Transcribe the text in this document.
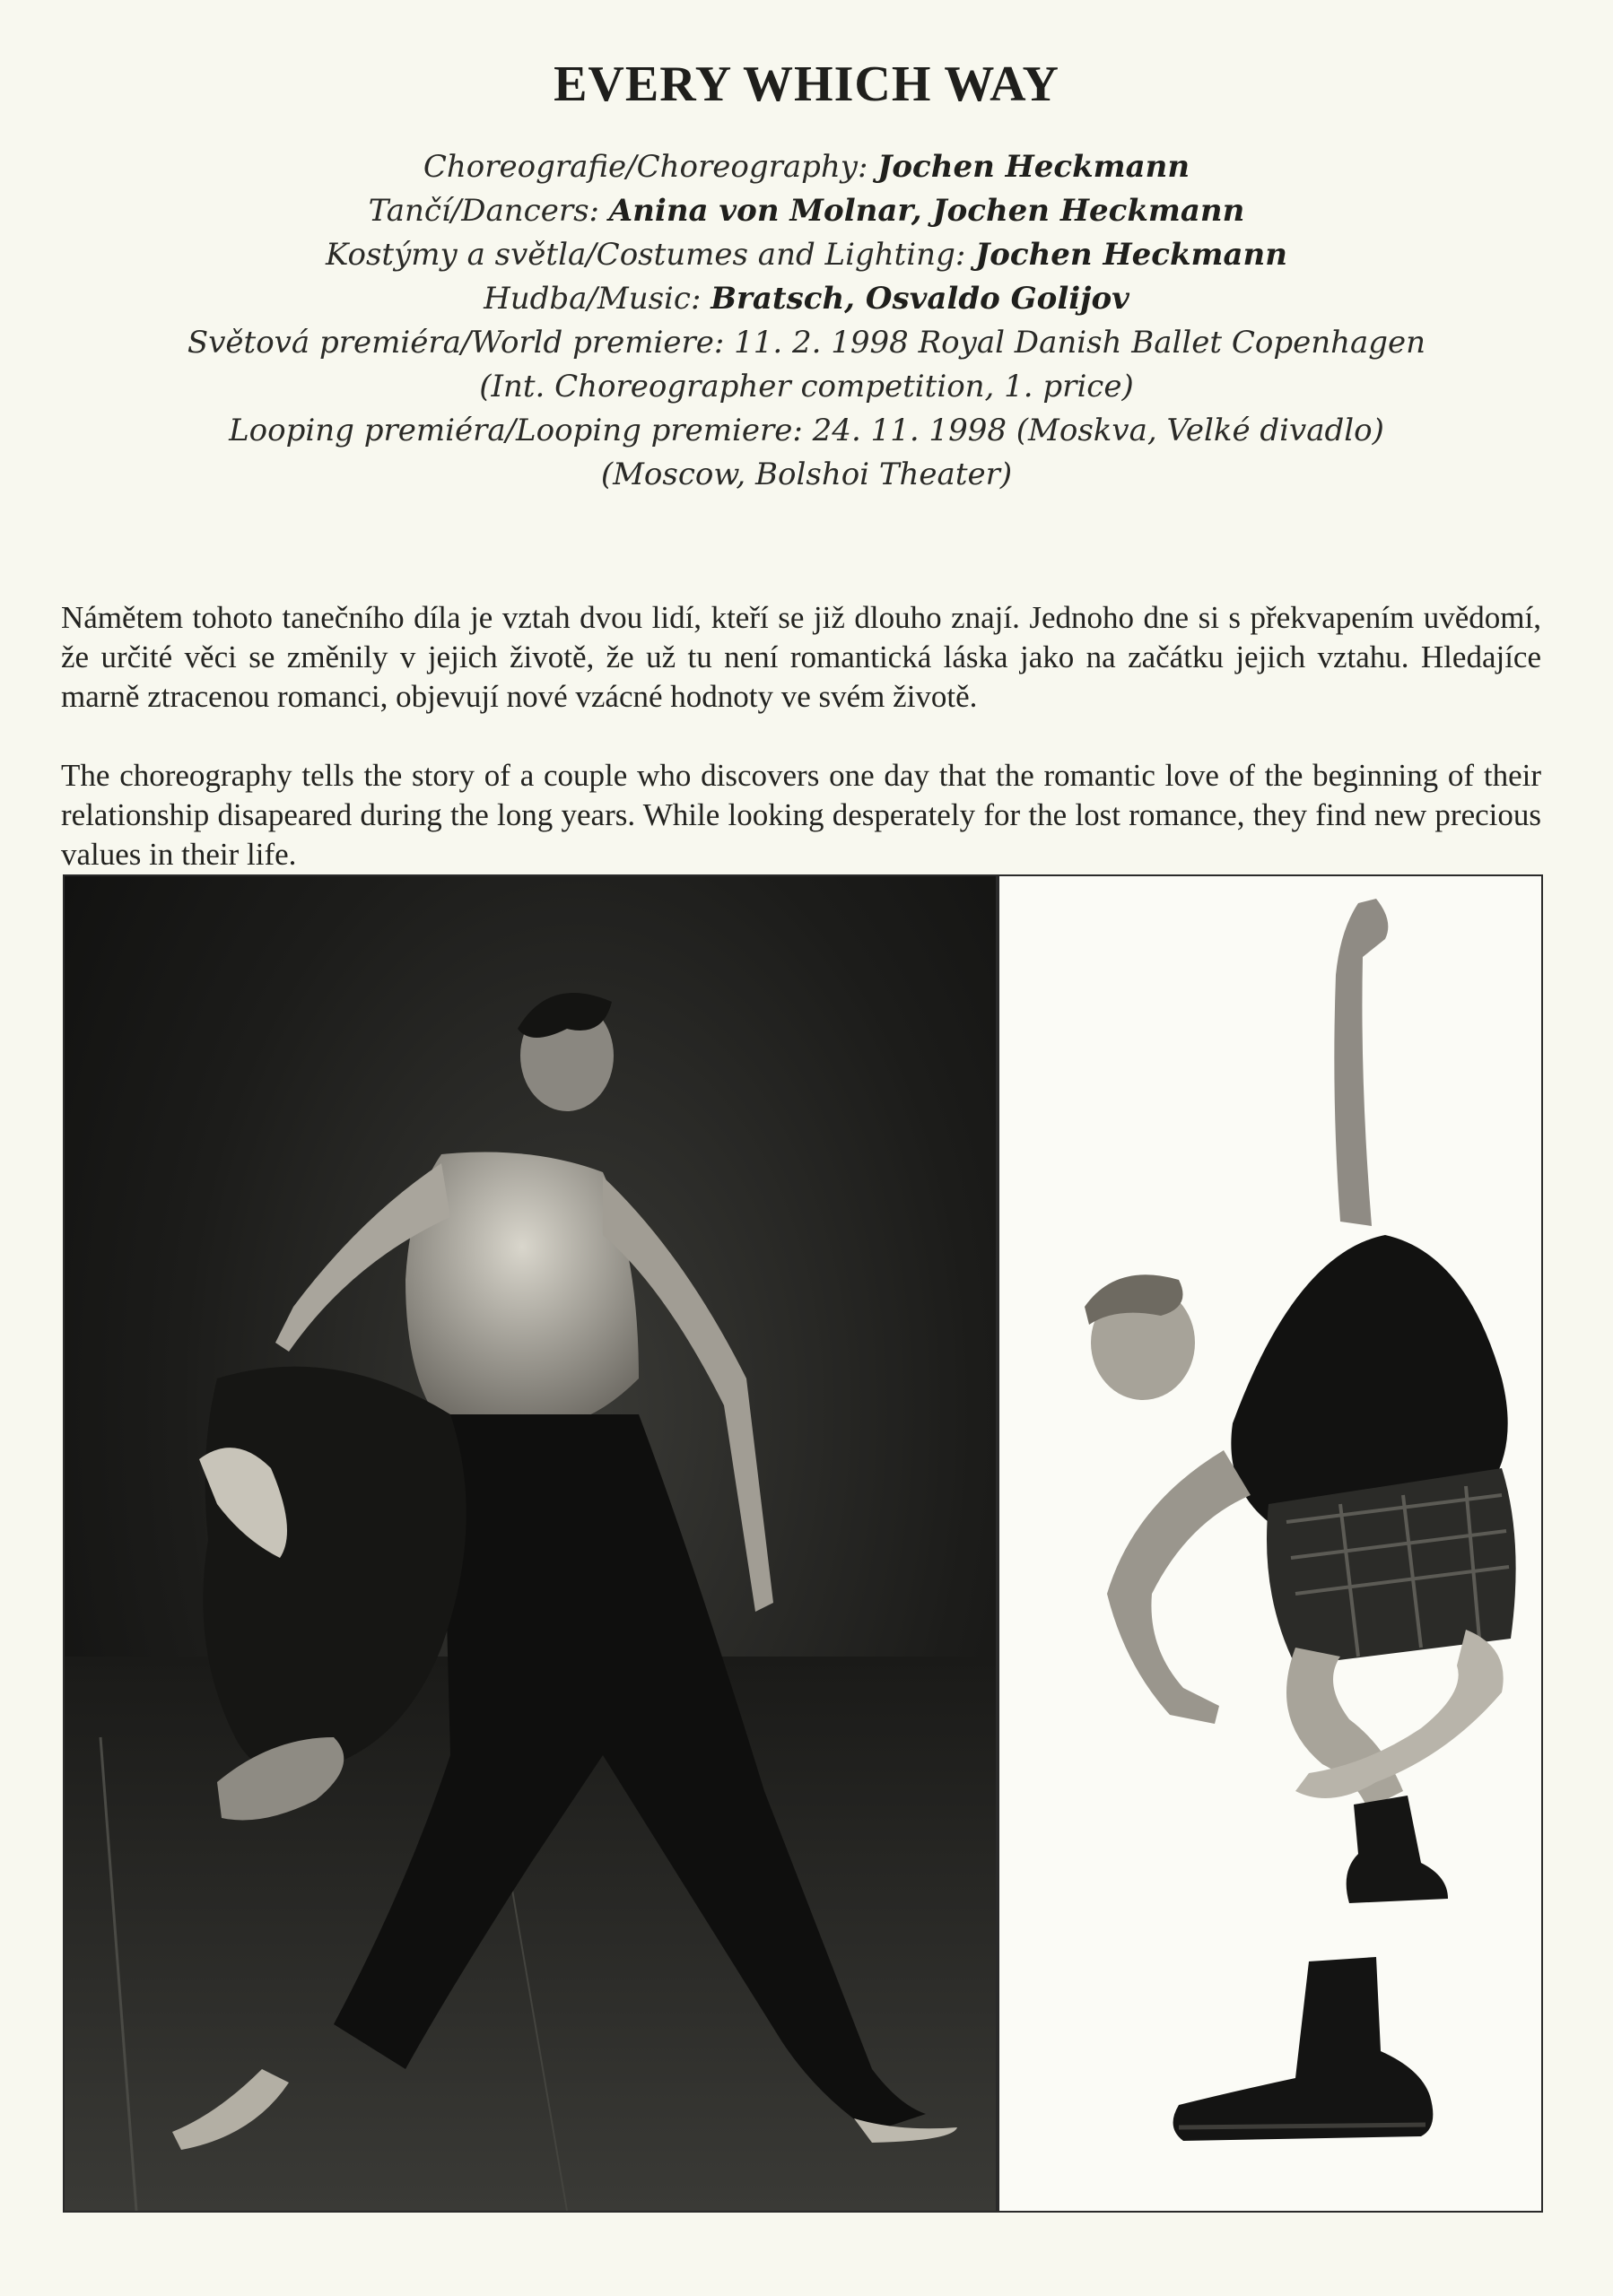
EVERY WHICH WAY
Choreografie/Choreography: Jochen Heckmann
Tančí/Dancers: Anina von Molnar, Jochen Heckmann
Kostýmy a světla/Costumes and Lighting: Jochen Heckmann
Hudba/Music: Bratsch, Osvaldo Golijov
Světová premiéra/World premiere: 11. 2. 1998 Royal Danish Ballet Copenhagen
(Int. Choreographer competition, 1. price)
Looping premiéra/Looping premiere: 24. 11. 1998 (Moskva, Velké divadlo)
(Moscow, Bolshoi Theater)

Námětem tohoto tanečního díla je vztah dvou lidí, kteří se již dlouho znají. Jednoho dne si s překvapením uvědomí, že určité věci se změnily v jejich životě, že už tu není romantická láska jako na začátku jejich vztahu. Hledajíce marně ztracenou romanci, objevují nové vzácné hodnoty ve svém životě.

The choreography tells the story of a couple who discovers one day that the romantic love of the beginning of their relationship disapeared during the long years. While looking desperately for the lost romance, they find new precious values in their life.
